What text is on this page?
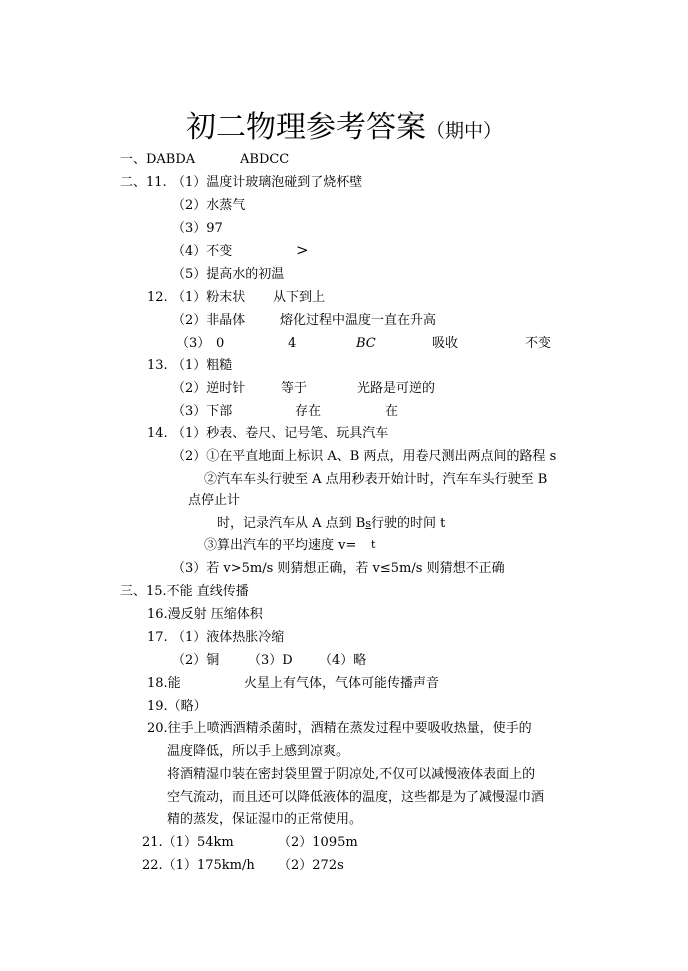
初二物理参考答案（期中）
一、DABDA	ABDCC
二、11. （1）温度计玻璃泡碰到了烧杯壁
（2）水蒸气
（3）97
（4）不变	>
（5）提高水的初温
12. （1）粉末状 从下到上
（2）非晶体	熔化过程中温度一直在升高
（3） 0	4	BC	吸收	不变
13. （1）粗糙
（2）逆时针	等于	光路是可逆的
（3）下部	存在	在
14. （1）秒表、卷尺、记号笔、玩具汽车
（2）①在平直地面上标识 A、B 两点，用卷尺测出两点间的路程 s
②汽车车头行驶至 A 点用秒表开始计时，汽车车头行驶至 B
点停止计
时，记录汽车从 A 点到 Bs行驶的时间 t
③算出汽车的平均速度 v= t
（3）若 v>5m/s 则猜想正确，若 v≤5m/s 则猜想不正确
三、15.不能 直线传播
16.漫反射 压缩体积
17. （1）液体热胀冷缩
（2）铜 （3）D （4）略
18.能	火星上有气体，气体可能传播声音
19.（略）
20.往手上喷洒酒精杀菌时，酒精在蒸发过程中要吸收热量，使手的
温度降低，所以手上感到凉爽。
将酒精湿巾装在密封袋里置于阴凉处,不仅可以减慢液体表面上的
空气流动，而且还可以降低液体的温度，这些都是为了减慢湿巾酒
精的蒸发，保证湿巾的正常使用。
21.（1）54km	（2）1095m
22.（1）175km/h （2）272s
